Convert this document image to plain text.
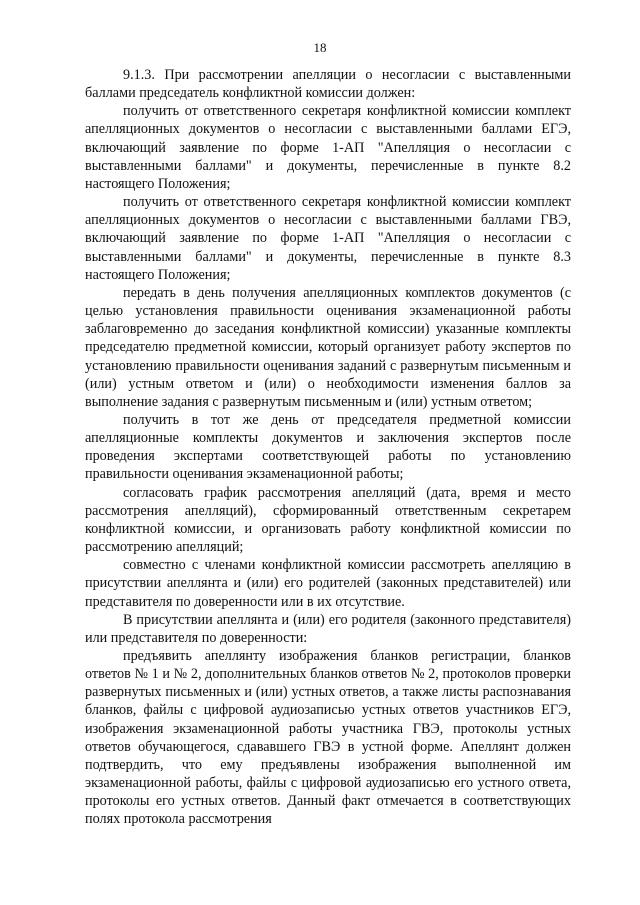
18

9.1.3. При рассмотрении апелляции о несогласии с выставленными баллами председатель конфликтной комиссии должен:

получить от ответственного секретаря конфликтной комиссии комплект апелляционных документов о несогласии с выставленными баллами ЕГЭ, включающий заявление по форме 1-АП "Апелляция о несогласии с выставленными баллами" и документы, перечисленные в пункте 8.2 настоящего Положения;

получить от ответственного секретаря конфликтной комиссии комплект апелляционных документов о несогласии с выставленными баллами ГВЭ, включающий заявление по форме 1-АП "Апелляция о несогласии с выставленными баллами" и документы, перечисленные в пункте 8.3 настоящего Положения;

передать в день получения апелляционных комплектов документов (с целью установления правильности оценивания экзаменационной работы заблаговременно до заседания конфликтной комиссии) указанные комплекты председателю предметной комиссии, который организует работу экспертов по установлению правильности оценивания заданий с развернутым письменным и (или) устным ответом и (или) о необходимости изменения баллов за выполнение задания с развернутым письменным и (или) устным ответом;

получить в тот же день от председателя предметной комиссии апелляционные комплекты документов и заключения экспертов после проведения экспертами соответствующей работы по установлению правильности оценивания экзаменационной работы;

согласовать график рассмотрения апелляций (дата, время и место рассмотрения апелляций), сформированный ответственным секретарем конфликтной комиссии, и организовать работу конфликтной комиссии по рассмотрению апелляций;

совместно с членами конфликтной комиссии рассмотреть апелляцию в присутствии апеллянта и (или) его родителей (законных представителей) или представителя по доверенности или в их отсутствие.

В присутствии апеллянта и (или) его родителя (законного представителя) или представителя по доверенности:

предъявить апеллянту изображения бланков регистрации, бланков ответов № 1 и № 2, дополнительных бланков ответов № 2, протоколов проверки развернутых письменных и (или) устных ответов, а также листы распознавания бланков, файлы с цифровой аудиозаписью устных ответов участников ЕГЭ, изображения экзаменационной работы участника ГВЭ, протоколы устных ответов обучающегося, сдававшего ГВЭ в устной форме. Апеллянт должен подтвердить, что ему предъявлены изображения выполненной им экзаменационной работы, файлы с цифровой аудиозаписью его устного ответа, протоколы его устных ответов. Данный факт отмечается в соответствующих полях протокола рассмотрения
